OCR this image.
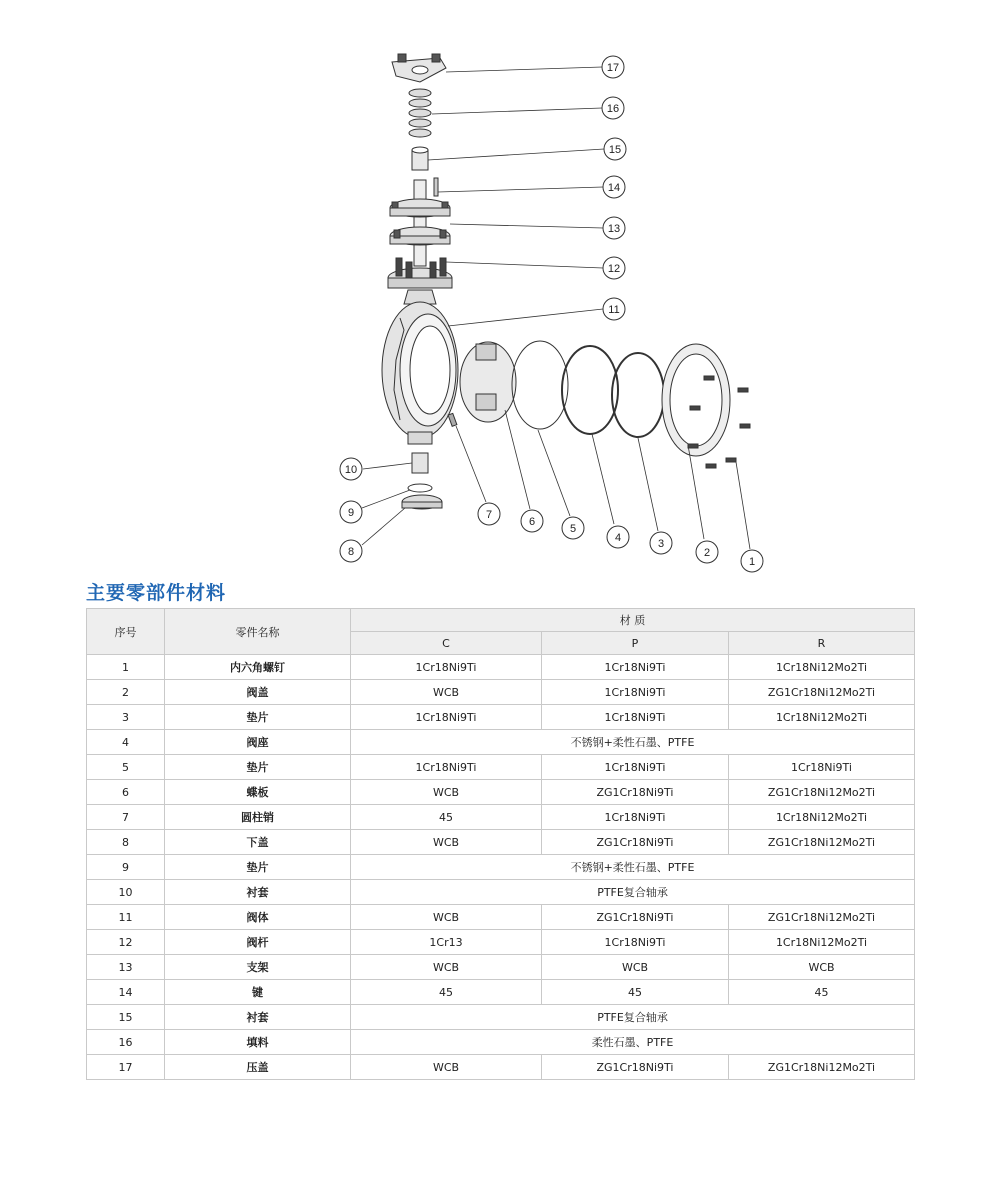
17
16
15
14
13
12
11
10
9
8
7
6
5
4	3
2
1
主要零部件材料
序号	零件名称	材 质		
		C	P	R
1	内六角螺钉	1Cr18Ni9Ti	1Cr18Ni9Ti	1Cr18Ni12Mo2Ti
2	阀盖	WCB	1Cr18Ni9Ti	ZG1Cr18Ni12Mo2Ti
3	垫片	1Cr18Ni9Ti	1Cr18Ni9Ti	1Cr18Ni12Mo2Ti
4	阀座	不锈钢+柔性石墨、PTFE		
5	垫片	1Cr18Ni9Ti	1Cr18Ni9Ti	1Cr18Ni9Ti
6	蝶板	WCB	ZG1Cr18Ni9Ti	ZG1Cr18Ni12Mo2Ti
7	圆柱销	45	1Cr18Ni9Ti	1Cr18Ni12Mo2Ti
8	下盖	WCB	ZG1Cr18Ni9Ti	ZG1Cr18Ni12Mo2Ti
9	垫片	不锈钢+柔性石墨、PTFE		
10	衬套	PTFE复合轴承		
11	阀体	WCB	ZG1Cr18Ni9Ti	ZG1Cr18Ni12Mo2Ti
12	阀杆	1Cr13	1Cr18Ni9Ti	1Cr18Ni12Mo2Ti
13	支架	WCB	WCB	WCB
14	键	45	45	45
15	衬套	PTFE复合轴承		
16	填料	柔性石墨、PTFE		
17	压盖	WCB	ZG1Cr18Ni9Ti	ZG1Cr18Ni12Mo2Ti
